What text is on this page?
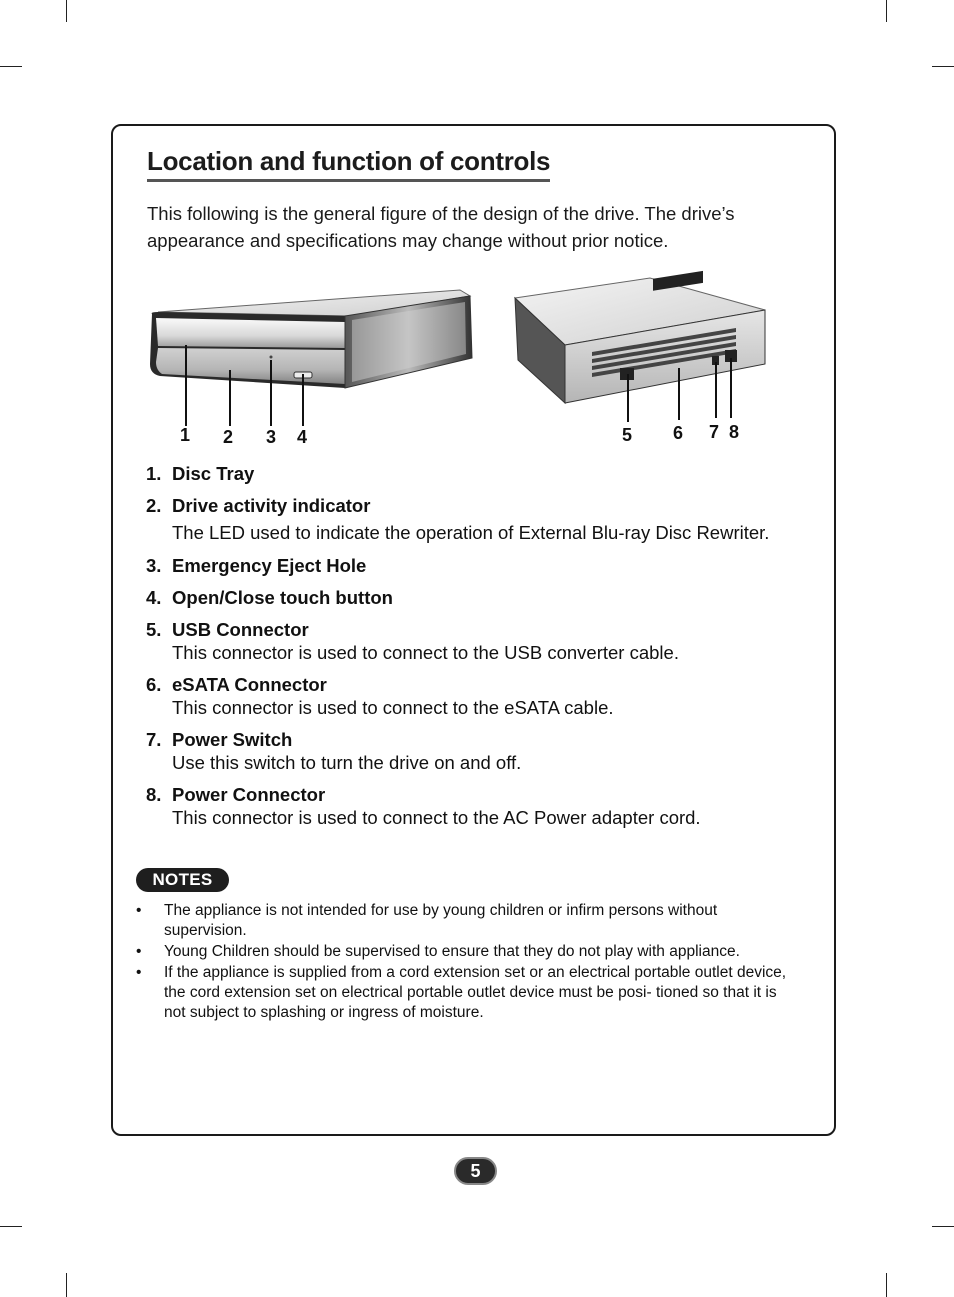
Location and function of controls

This following is the general figure of the design of the drive. The drive’s appearance and specifications may change without prior notice.

1 2 3 4	5 6 7 8
1. Disc Tray
2. Drive activity indicator
The LED used to indicate the operation of External Blu-ray Disc Rewriter.
3. Emergency Eject Hole
4. Open/Close touch button
5. USB Connector
This connector is used to connect to the USB converter cable.
6. eSATA Connector
This connector is used to connect to the eSATA cable.
7. Power Switch
Use this switch to turn the drive on and off.
8. Power Connector
This connector is used to connect to the AC Power adapter cord.
NOTES
• The appliance is not intended for use by young children or infirm persons without supervision.
• Young Children should be supervised to ensure that they do not play with appliance.
• If the appliance is supplied from a cord extension set or an electrical portable outlet device, the cord extension set on electrical portable outlet device must be posi- tioned so that it is not subject to splashing or ingress of moisture.
5
